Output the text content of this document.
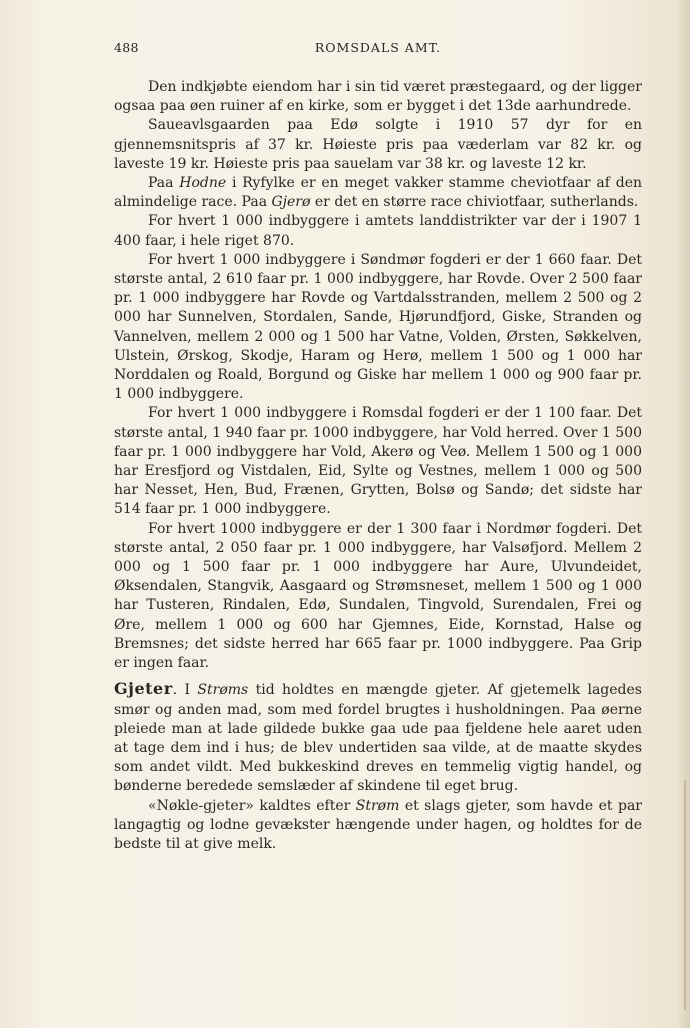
488	ROMSDALS AMT.

Den indkjøbte eiendom har i sin tid været præstegaard, og der ligger ogsaa paa øen ruiner af en kirke, som er bygget i det 13de aarhundrede.

Saueavlsgaarden paa Edø solgte i 1910 57 dyr for en gjennemsnitspris af 37 kr. Høieste pris paa væderlam var 82 kr. og laveste 19 kr. Høieste pris paa sauelam var 38 kr. og laveste 12 kr.

Paa Hodne i Ryfylke er en meget vakker stamme cheviotfaar af den almindelige race. Paa Gjerø er det en større race chiviotfaar, sutherlands.

For hvert 1 000 indbyggere i amtets landdistrikter var der i 1907 1 400 faar, i hele riget 870.

For hvert 1 000 indbyggere i Søndmør fogderi er der 1 660 faar. Det største antal, 2 610 faar pr. 1 000 indbyggere, har Rovde. Over 2 500 faar pr. 1 000 indbyggere har Rovde og Vartdalsstranden, mellem 2 500 og 2 000 har Sunnelven, Stordalen, Sande, Hjørundfjord, Giske, Stranden og Vannelven, mellem 2 000 og 1 500 har Vatne, Volden, Ørsten, Søkkelven, Ulstein, Ørskog, Skodje, Haram og Herø, mellem 1 500 og 1 000 har Norddalen og Roald, Borgund og Giske har mellem 1 000 og 900 faar pr. 1 000 indbyggere.

For hvert 1 000 indbyggere i Romsdal fogderi er der 1 100 faar. Det største antal, 1 940 faar pr. 1000 indbyggere, har Vold herred. Over 1 500 faar pr. 1 000 indbyggere har Vold, Akerø og Veø. Mellem 1 500 og 1 000 har Eresfjord og Vistdalen, Eid, Sylte og Vestnes, mellem 1 000 og 500 har Nesset, Hen, Bud, Frænen, Grytten, Bolsø og Sandø; det sidste har 514 faar pr. 1 000 indbyggere.

For hvert 1000 indbyggere er der 1 300 faar i Nordmør fogderi. Det største antal, 2 050 faar pr. 1 000 indbyggere, har Valsøfjord. Mellem 2 000 og 1 500 faar pr. 1 000 indbyggere har Aure, Ulvundeidet, Øksendalen, Stangvik, Aasgaard og Strømsneset, mellem 1 500 og 1 000 har Tusteren, Rindalen, Edø, Sundalen, Tingvold, Surendalen, Frei og Øre, mellem 1 000 og 600 har Gjemnes, Eide, Kornstad, Halse og Bremsnes; det sidste herred har 665 faar pr. 1000 indbyggere. Paa Grip er ingen faar.

Gjeter. I Strøms tid holdtes en mængde gjeter. Af gjetemelk lagedes smør og anden mad, som med fordel brugtes i husholdningen. Paa øerne pleiede man at lade gildede bukke gaa ude paa fjeldene hele aaret uden at tage dem ind i hus; de blev undertiden saa vilde, at de maatte skydes som andet vildt. Med bukkeskind dreves en temmelig vigtig handel, og bønderne beredede semslæder af skindene til eget brug.

«Nøkle-gjeter» kaldtes efter Strøm et slags gjeter, som havde et par langagtig og lodne gevækster hængende under hagen, og holdtes for de bedste til at give melk.
